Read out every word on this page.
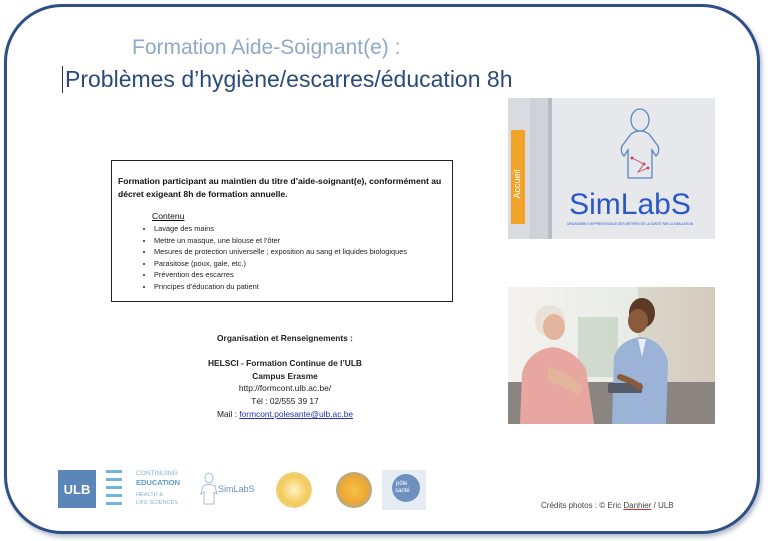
Formation Aide-Soignant(e) :
Problèmes d’hygiène/escarres/éducation 8h
Formation participant au maintien du titre d’aide-soignant(e), conformément au décret exigeant 8h de formation annuelle.
Contenu
• Lavage des mains
• Mettre un masque, une blouse et l’ôter
• Mesures de protection universelle ; exposition au sang et liquides biologiques
• Parasitose (poux, gale, etc.)
• Prévention des escarres
• Principes d’éducation du patient
Organisation et Renseignements :
HELSCI - Formation Continue de l’ULB
Campus Erasme
http://formcont.ulb.ac.be/
Tél : 02/555 39 17
Mail : formcont.polesante@ulb.ac.be
Accueil
SimLabS
ORGANISME D'APPRENTISSAGE DES MÉTIERS DE LA SANTÉ PAR LA SIMULATION
ULB
CONTINUING
EDUCATION
HEALTH &
LIFE SCIENCES
SimLabS	pôle
santé
Crédits photos : © Eric Danhier / ULB
